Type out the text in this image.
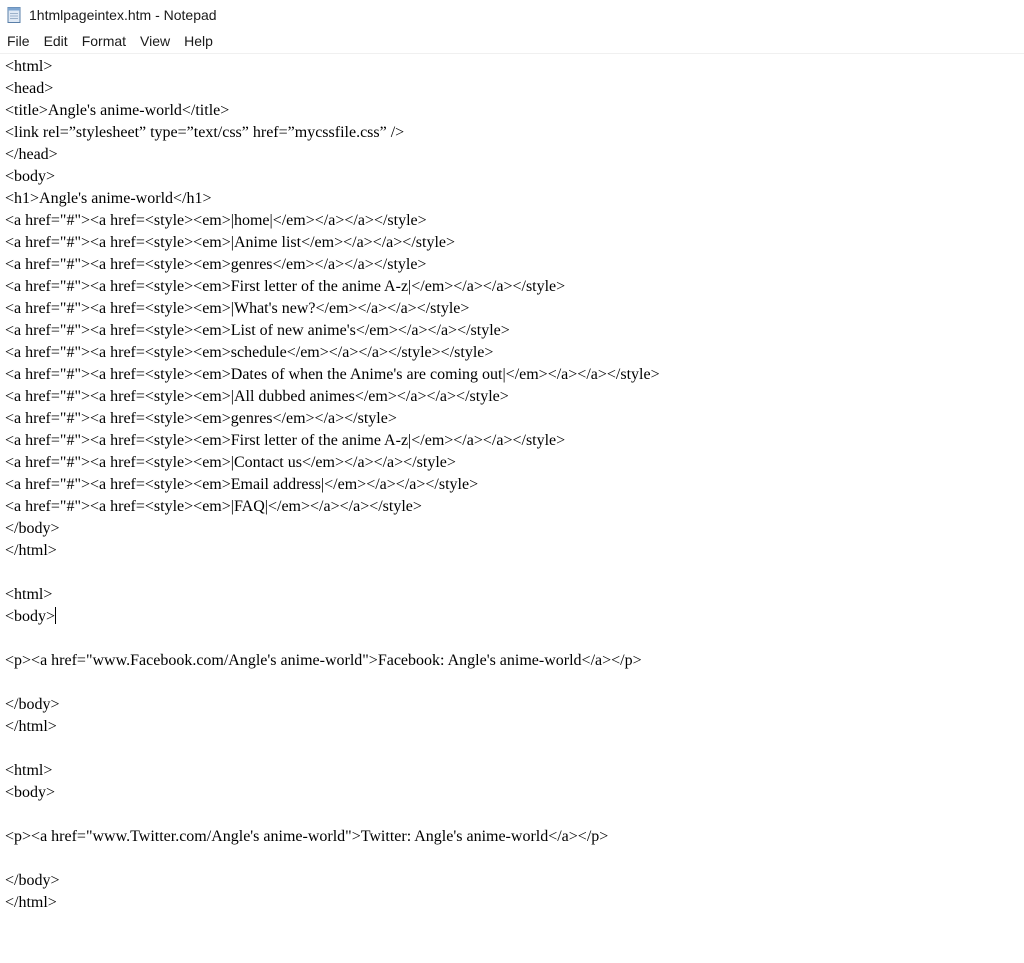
1htmlpageintex.htm - Notepad
File	Edit	Format	View	Help
<html>
<head>
<title>Angle's anime-world</title>
<link rel=”stylesheet” type=”text/css” href=”mycssfile.css” />
</head>
<body>
<h1>Angle's anime-world</h1>
<a href="#"><a href=<style><em>|home|</em></a></a></style>
<a href="#"><a href=<style><em>|Anime list</em></a></a></style>
<a href="#"><a href=<style><em>genres</em></a></a></style>
<a href="#"><a href=<style><em>First letter of the anime A-z|</em></a></a></style>
<a href="#"><a href=<style><em>|What's new?</em></a></a></style>
<a href="#"><a href=<style><em>List of new anime's</em></a></a></style>
<a href="#"><a href=<style><em>schedule</em></a></a></style></style>
<a href="#"><a href=<style><em>Dates of when the Anime's are coming out|</em></a></a></style>
<a href="#"><a href=<style><em>|All dubbed animes</em></a></a></style>
<a href="#"><a href=<style><em>genres</em></a></style>
<a href="#"><a href=<style><em>First letter of the anime A-z|</em></a></a></style>
<a href="#"><a href=<style><em>|Contact us</em></a></a></style>
<a href="#"><a href=<style><em>Email address|</em></a></a></style>
<a href="#"><a href=<style><em>|FAQ|</em></a></a></style>
</body>
</html>
<html>
<body>
<p><a href="www.Facebook.com/Angle's anime-world">Facebook: Angle's anime-world</a></p>
</body>
</html>
<html>
<body>
<p><a href="www.Twitter.com/Angle's anime-world">Twitter: Angle's anime-world</a></p>
</body>
</html>
